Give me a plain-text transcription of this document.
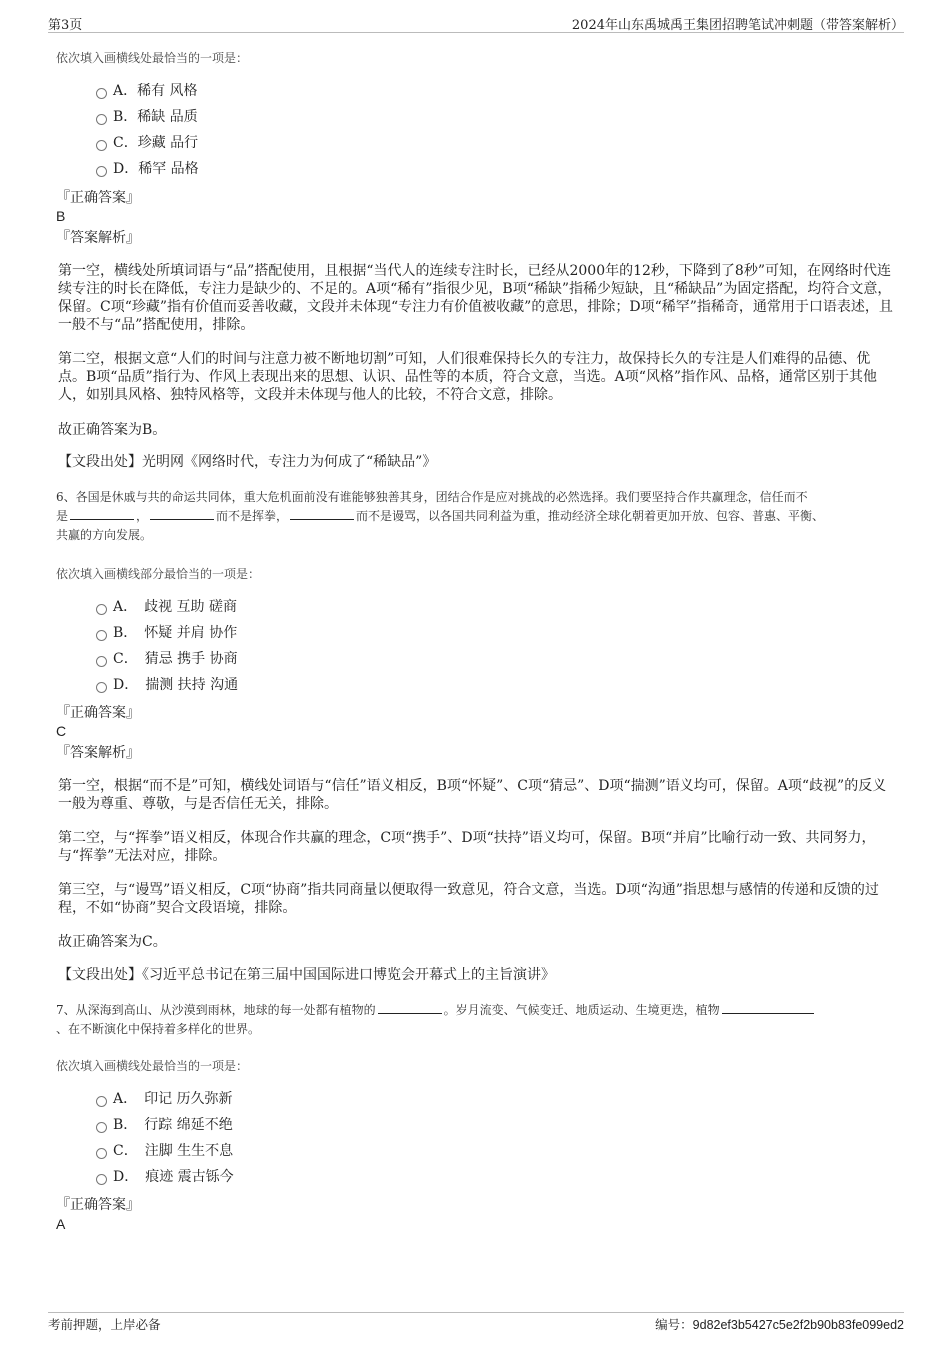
第3页	2024年山东禹城禹王集团招聘笔试冲刺题（带答案解析）
依次填入画横线处最恰当的一项是：
A．稀有 风格
B．稀缺 品质
C．珍藏 品行
D．稀罕 品格
『正确答案』
B
『答案解析』
第一空，横线处所填词语与“品”搭配使用，且根据“当代人的连续专注时长，已经从2000年的12秒，下降到了8秒”可知，在网络时代连续专注的时长在降低，专注力是缺少的、不足的。A项“稀有”指很少见，B项“稀缺”指稀少短缺，且“稀缺品”为固定搭配，均符合文意，保留。C项“珍藏”指有价值而妥善收藏，文段并未体现“专注力有价值被收藏”的意思，排除；D项“稀罕”指稀奇，通常用于口语表述，且一般不与“品”搭配使用，排除。
第二空，根据文意“人们的时间与注意力被不断地切割”可知，人们很难保持长久的专注力，故保持长久的专注是人们难得的品德、优点。B项“品质”指行为、作风上表现出来的思想、认识、品性等的本质，符合文意，当选。A项“风格”指作风、品格，通常区别于其他人，如别具风格、独特风格等，文段并未体现与他人的比较，不符合文意，排除。
故正确答案为B。
【文段出处】光明网《网络时代，专注力为何成了“稀缺品”》
6、各国是休戚与共的命运共同体，重大危机面前没有谁能够独善其身，团结合作是应对挑战的必然选择。我们要坚持合作共赢理念，信任而不
是	，	而不是挥拳，	而不是谩骂，以各国共同利益为重，推动经济全球化朝着更加开放、包容、普惠、平衡、
共赢的方向发展。
依次填入画横线部分最恰当的一项是：
A．　歧视 互助 磋商
B．　怀疑 并肩 协作
C．　猜忌 携手 协商
D．　揣测 扶持 沟通
『正确答案』
C
『答案解析』
第一空，根据“而不是”可知，横线处词语与“信任”语义相反，B项“怀疑”、C项“猜忌”、D项“揣测”语义均可，保留。A项“歧视”的反义一般为尊重、尊敬，与是否信任无关，排除。
第二空，与“挥拳”语义相反，体现合作共赢的理念，C项“携手”、D项“扶持”语义均可，保留。B项“并肩”比喻行动一致、共同努力，与“挥拳”无法对应，排除。
第三空，与“谩骂”语义相反，C项“协商”指共同商量以便取得一致意见，符合文意，当选。D项“沟通”指思想与感情的传递和反馈的过程，不如“协商”契合文段语境，排除。
故正确答案为C。
【文段出处】《习近平总书记在第三届中国国际进口博览会开幕式上的主旨演讲》
7、从深海到高山、从沙漠到雨林，地球的每一处都有植物的	。岁月流变、气候变迁、地质运动、生境更迭，植物
、在不断演化中保持着多样化的世界。
依次填入画横线处最恰当的一项是：
A．　印记 历久弥新
B．　行踪 绵延不绝
C．　注脚 生生不息
D．　痕迹 震古铄今
『正确答案』
A
考前押题，上岸必备	编号：9d82ef3b5427c5e2f2b90b83fe099ed2
